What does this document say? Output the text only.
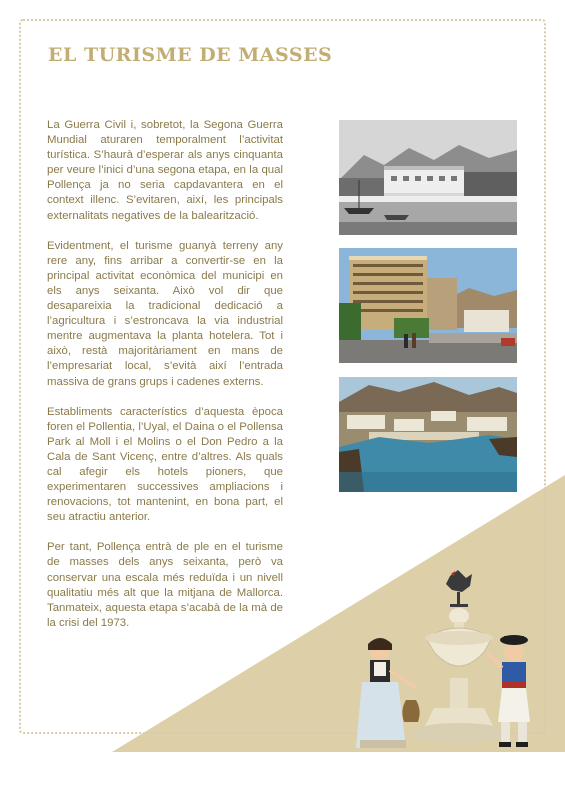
EL TURISME DE MASSES

La Guerra Civil i, sobretot, la Segona Guerra Mundial aturaren temporalment l’activitat turística. S’haurà d’esperar als anys cinquanta per veure l’inici d’una segona etapa, en la qual Pollença ja no seria capdavantera en el context illenc. S’evitaren, així, les principals externalitats negatives de la balearització.

Evidentment, el turisme guanyà terreny any rere any, fins arribar a convertir-se en la principal activitat econòmica del municipi en els anys seixanta. Això vol dir que desapareixia la tradicional dedicació a l’agricultura i s’estroncava la via industrial mentre augmentava la planta hotelera. Tot i això, restà majoritàriament en mans de l’empresariat local, s’evità així l’entrada massiva de grans grups i cadenes externs.

Establiments característics d’aquesta època foren el Pollentia, l’Uyal, el Daina o el Pollensa Park al Moll i el Molins o el Don Pedro a la Cala de Sant Vicenç, entre d’altres. Als quals cal afegir els hotels pioners, que experimentaren successives ampliacions i renovacions, tot mantenint, en bona part, el seu atractiu anterior.

Per tant, Pollença entrà de ple en el turisme de masses dels anys seixanta, però va conservar una escala més reduïda i un nivell qualitatiu més alt que la mitjana de Mallorca. Tanmateix, aquesta etapa s’acabà de la mà de la crisi del 1973.
